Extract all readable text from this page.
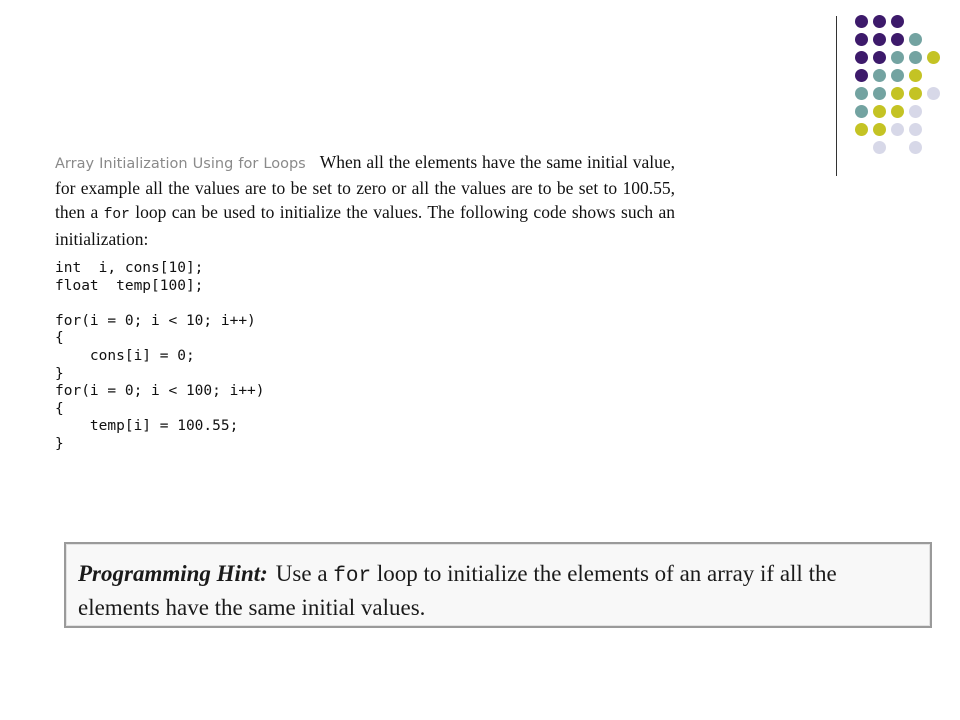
Array Initialization Using for Loops When all the elements have the same initial value, for example all the values are to be set to zero or all the values are to be set to 100.55, then a for loop can be used to initialize the values. The following code shows such an initialization:

int  i, cons[10];
float  temp[100];

for(i = 0; i < 10; i++)
{
cons[i] = 0;
}
for(i = 0; i < 100; i++)
{
temp[i] = 100.55;
}
Programming Hint: Use a for loop to initialize the elements of an array if all the elements have the same initial values.
